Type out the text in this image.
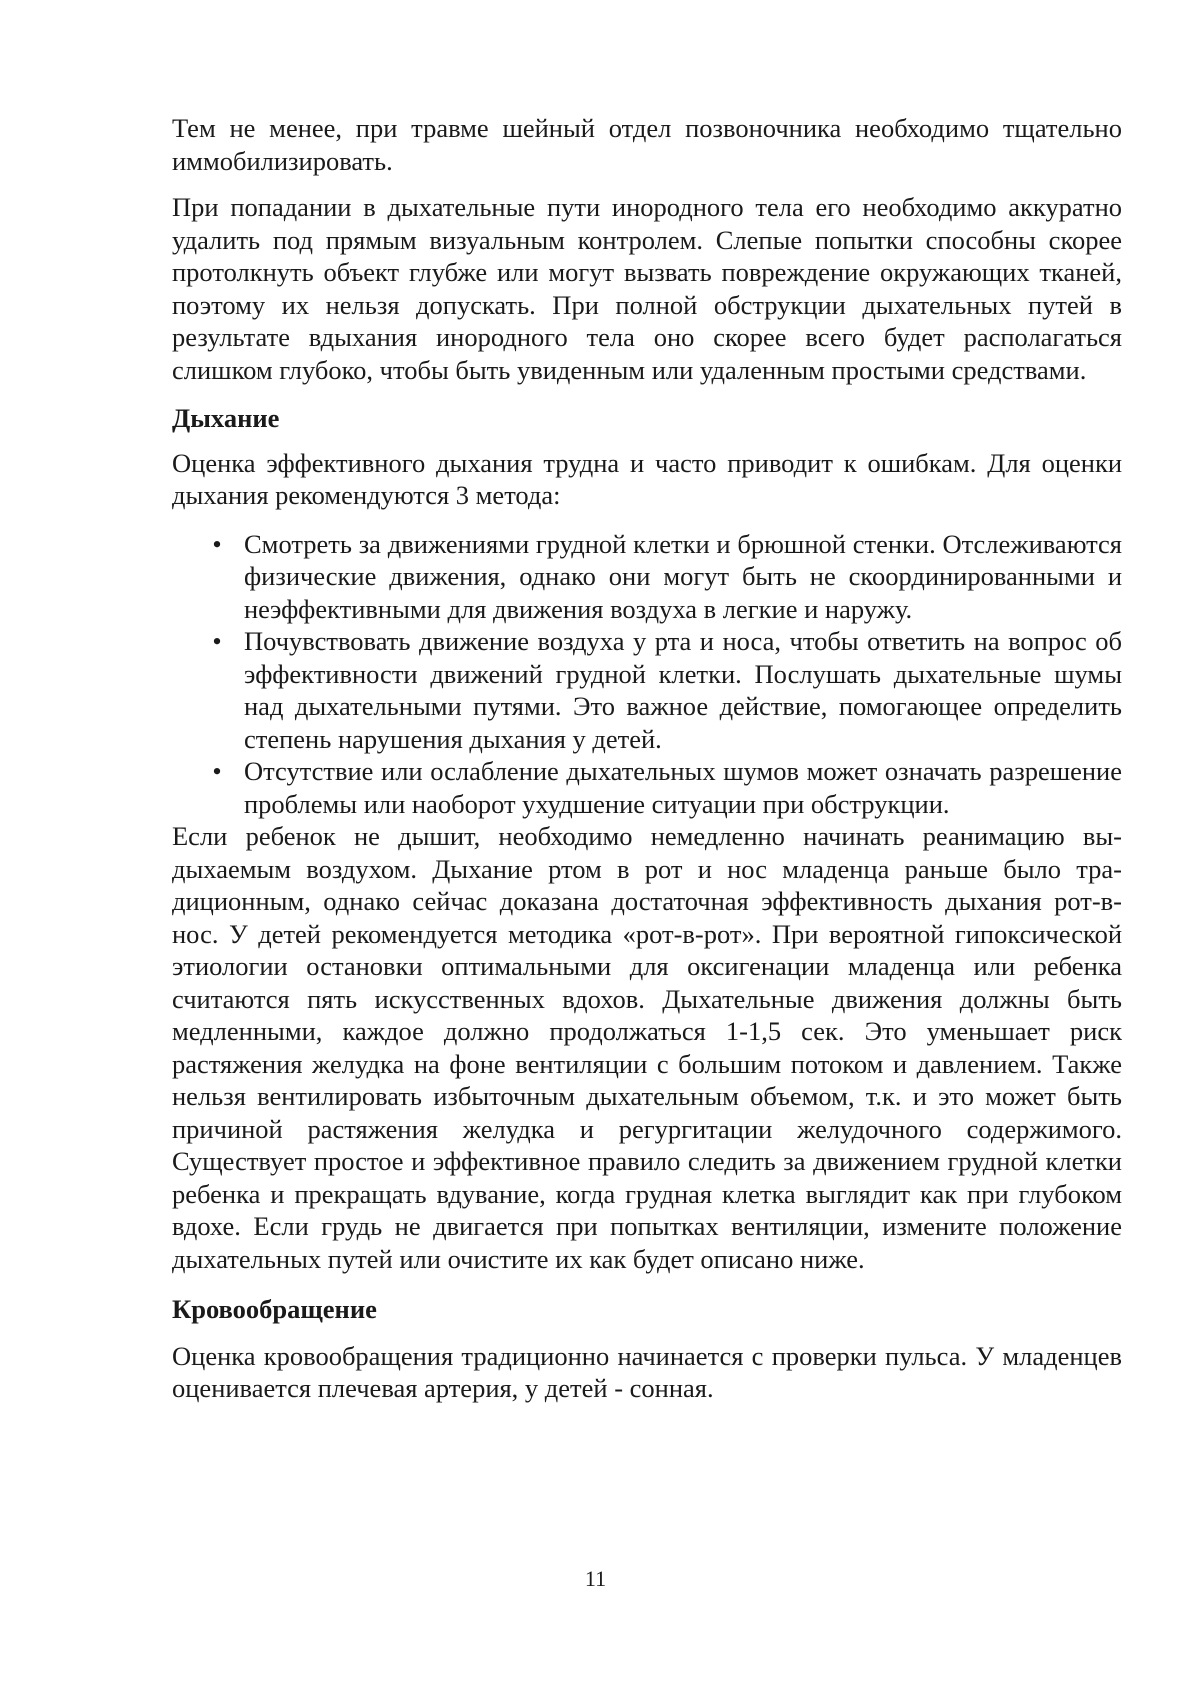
Тем не менее, при травме шейный отдел позвоночника необходимо тщательно иммобилизировать.

При попадании в дыхательные пути инородного тела его необходимо аккуратно удалить под прямым визуальным контролем. Слепые попытки способны скорее протолкнуть объект глубже или могут вызвать повреждение окружающих тканей, поэтому их нельзя допускать. При полной обструкции дыхательных путей в результате вдыхания инородного тела оно скорее всего будет располагаться слишком глубоко, чтобы быть увиденным или удаленным простыми средствами.

Дыхание

Оценка эффективного дыхания трудна и часто приводит к ошибкам. Для оценки дыхания рекомендуются 3 метода:

• Смотреть за движениями грудной клетки и брюшной стенки. Отслеживаются физические движения, однако они могут быть не скоординированными и неэффективными для движения воздуха в легкие и наружу.
• Почувствовать движение воздуха у рта и носа, чтобы ответить на вопрос об эффективности движений грудной клетки. Послушать дыхательные шумы над дыхательными путями. Это важное действие, помогающее определить степень нарушения дыхания у детей.
• Отсутствие или ослабление дыхательных шумов может означать разрешение проблемы или наоборот ухудшение ситуации при обструкции.

Если ребенок не дышит, необходимо немедленно начинать реанимацию выдыхаемым воздухом. Дыхание ртом в рот и нос младенца раньше было традиционным, однако сейчас доказана достаточная эффективность дыхания рот-в-нос. У детей рекомендуется методика «рот-в-рот». При вероятной гипоксической этиологии остановки оптимальными для оксигенации младенца или ребенка считаются пять искусственных вдохов. Дыхательные движения должны быть медленными, каждое должно продолжаться 1-1,5 сек. Это уменьшает риск растяжения желудка на фоне вентиляции с большим потоком и давлением. Также нельзя вентилировать избыточным дыхательным объемом, т.к. и это может быть причиной растяжения желудка и регургитации желудочного содержимого. Существует простое и эффективное правило следить за движением грудной клетки ребенка и прекращать вдувание, когда грудная клетка выглядит как при глубоком вдохе. Если грудь не двигается при попытках вентиляции, измените положение дыхательных путей или очистите их как будет описано ниже.

Кровообращение

Оценка кровообращения традиционно начинается с проверки пульса. У младенцев оценивается плечевая артерия, у детей - сонная.

11
